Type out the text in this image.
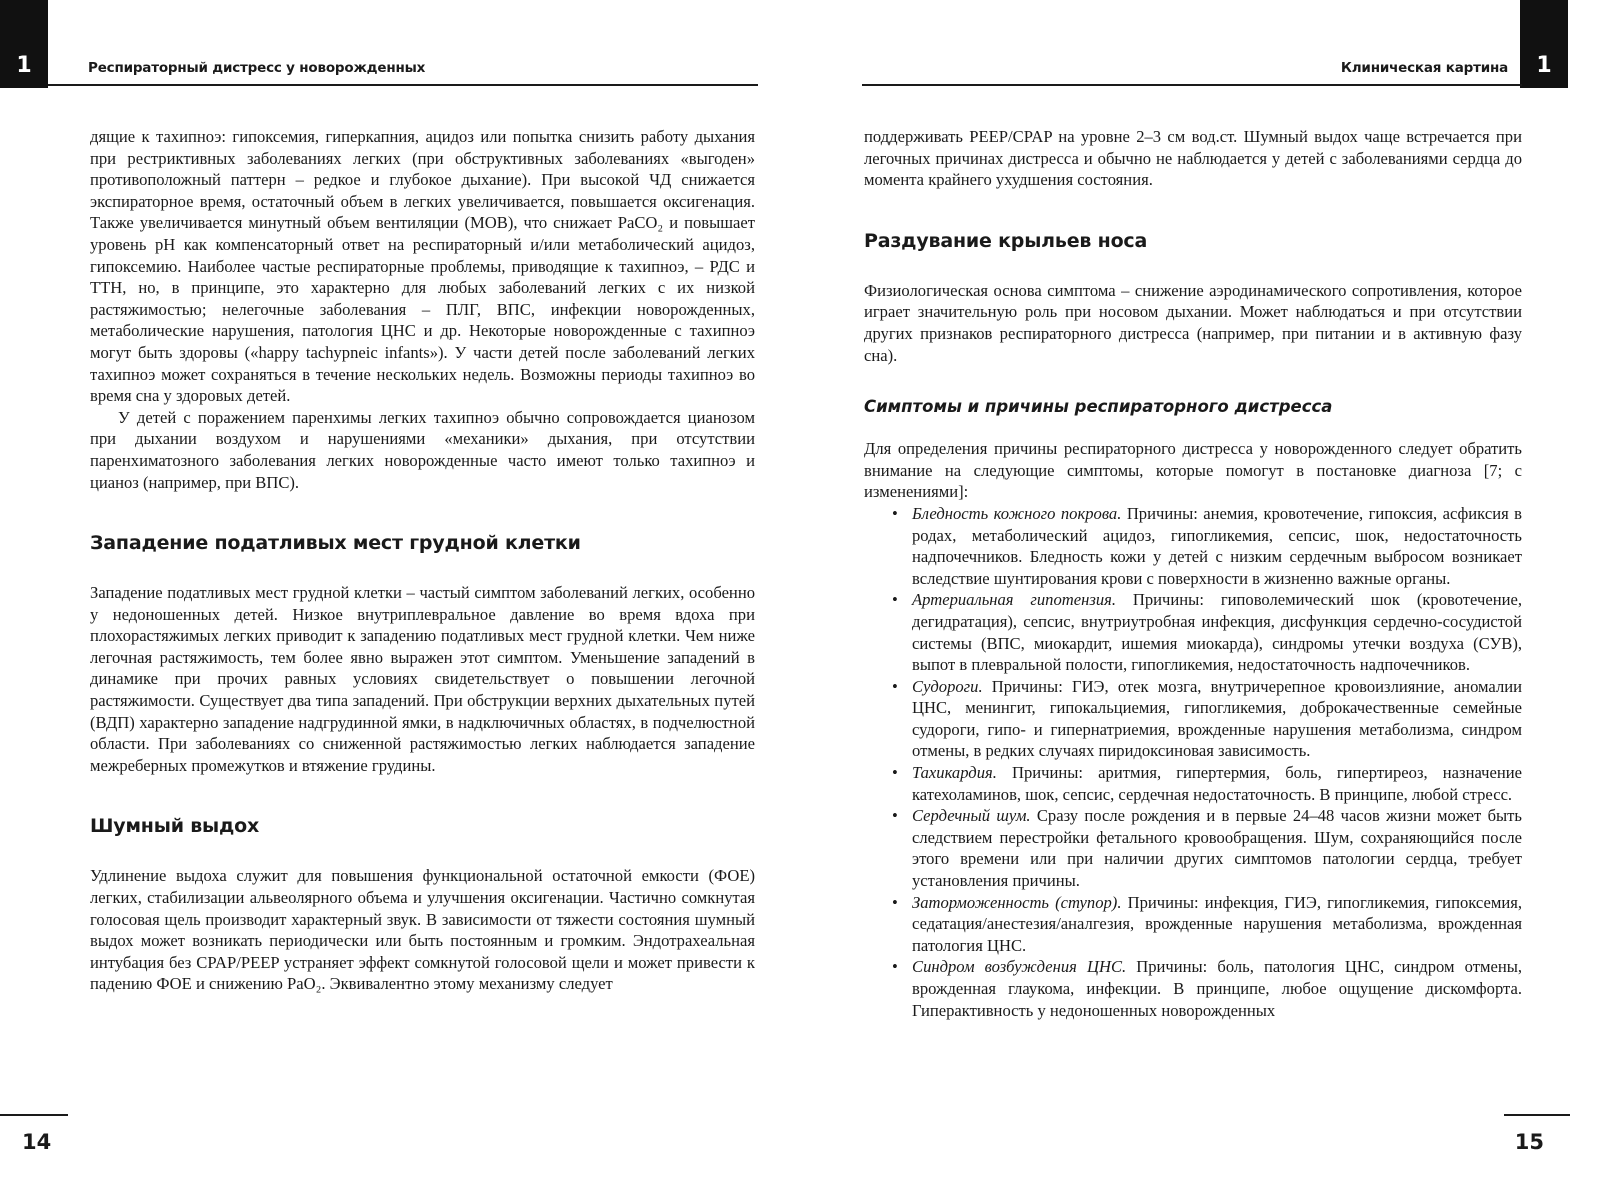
1	Респираторный дистресс у новорожденных

дящие к тахипноэ: гипоксемия, гиперкапния, ацидоз или попытка снизить работу дыхания при рестриктивных заболеваниях легких (при обструктивных заболеваниях «выгоден» противоположный паттерн – редкое и глубокое дыхание). При высокой ЧД снижается экспираторное время, остаточный объем в легких увеличивается, повышается оксигенация. Также увеличивается минутный объем вентиляции (МОВ), что снижает PaCO₂ и повышает уровень pH как компенсаторный ответ на респираторный и/или метаболический ацидоз, гипоксемию. Наиболее частые респираторные проблемы, приводящие к тахипноэ, – РДС и ТТН, но, в принципе, это характерно для любых заболеваний легких с их низкой растяжимостью; нелегочные заболевания – ПЛГ, ВПС, инфекции новорожденных, метаболические нарушения, патология ЦНС и др. Некоторые новорожденные с тахипноэ могут быть здоровы («happy tachypneic infants»). У части детей после заболеваний легких тахипноэ может сохраняться в течение нескольких недель. Возможны периоды тахипноэ во время сна у здоровых детей.

У детей с поражением паренхимы легких тахипноэ обычно сопровождается цианозом при дыхании воздухом и нарушениями «механики» дыхания, при отсутствии паренхиматозного заболевания легких новорожденные часто имеют только тахипноэ и цианоз (например, при ВПС).

Западение податливых мест грудной клетки

Западение податливых мест грудной клетки – частый симптом заболеваний легких, особенно у недоношенных детей. Низкое внутриплевральное давление во время вдоха при плохорастяжимых легких приводит к западению податливых мест грудной клетки. Чем ниже легочная растяжимость, тем более явно выражен этот симптом. Уменьшение западений в динамике при прочих равных условиях свидетельствует о повышении легочной растяжимости. Существует два типа западений. При обструкции верхних дыхательных путей (ВДП) характерно западение надгрудинной ямки, в надключичных областях, в подчелюстной области. При заболеваниях со сниженной растяжимостью легких наблюдается западение межреберных промежутков и втяжение грудины.

Шумный выдох

Удлинение выдоха служит для повышения функциональной остаточной емкости (ФОЕ) легких, стабилизации альвеолярного объема и улучшения оксигенации. Частично сомкнутая голосовая щель производит характерный звук. В зависимости от тяжести состояния шумный выдох может возникать периодически или быть постоянным и громким. Эндотрахеальная интубация без CPAP/PEEP устраняет эффект сомкнутой голосовой щели и может привести к падению ФОЕ и снижению PaO₂. Эквивалентно этому механизму следует

14
Клиническая картина 1

поддерживать PEEP/CPAP на уровне 2–3 см вод.ст. Шумный выдох чаще встречается при легочных причинах дистресса и обычно не наблюдается у детей с заболеваниями сердца до момента крайнего ухудшения состояния.

Раздувание крыльев носа

Физиологическая основа симптома – снижение аэродинамического сопротивления, которое играет значительную роль при носовом дыхании. Может наблюдаться и при отсутствии других признаков респираторного дистресса (например, при питании и в активную фазу сна).

Симптомы и причины респираторного дистресса

Для определения причины респираторного дистресса у новорожденного следует обратить внимание на следующие симптомы, которые помогут в постановке диагноза [7; с изменениями]:

• Бледность кожного покрова. Причины: анемия, кровотечение, гипоксия, асфиксия в родах, метаболический ацидоз, гипогликемия, сепсис, шок, недостаточность надпочечников. Бледность кожи у детей с низким сердечным выбросом возникает вследствие шунтирования крови с поверхности в жизненно важные органы.
• Артериальная гипотензия. Причины: гиповолемический шок (кровотечение, дегидратация), сепсис, внутриутробная инфекция, дисфункция сердечно-сосудистой системы (ВПС, миокардит, ишемия миокарда), синдромы утечки воздуха (СУВ), выпот в плевральной полости, гипогликемия, недостаточность надпочечников.
• Судороги. Причины: ГИЭ, отек мозга, внутричерепное кровоизлияние, аномалии ЦНС, менингит, гипокальциемия, гипогликемия, доброкачественные семейные судороги, гипо- и гипернатриемия, врожденные нарушения метаболизма, синдром отмены, в редких случаях пиридоксиновая зависимость.
• Тахикардия. Причины: аритмия, гипертермия, боль, гипертиреоз, назначение катехоламинов, шок, сепсис, сердечная недостаточность. В принципе, любой стресс.
• Сердечный шум. Сразу после рождения и в первые 24–48 часов жизни может быть следствием перестройки фетального кровообращения. Шум, сохраняющийся после этого времени или при наличии других симптомов патологии сердца, требует установления причины.
• Заторможенность (ступор). Причины: инфекция, ГИЭ, гипогликемия, гипоксемия, седатация/анестезия/аналгезия, врожденные нарушения метаболизма, врожденная патология ЦНС.
• Синдром возбуждения ЦНС. Причины: боль, патология ЦНС, синдром отмены, врожденная глаукома, инфекции. В принципе, любое ощущение дискомфорта. Гиперактивность у недоношенных новорожденных
15
